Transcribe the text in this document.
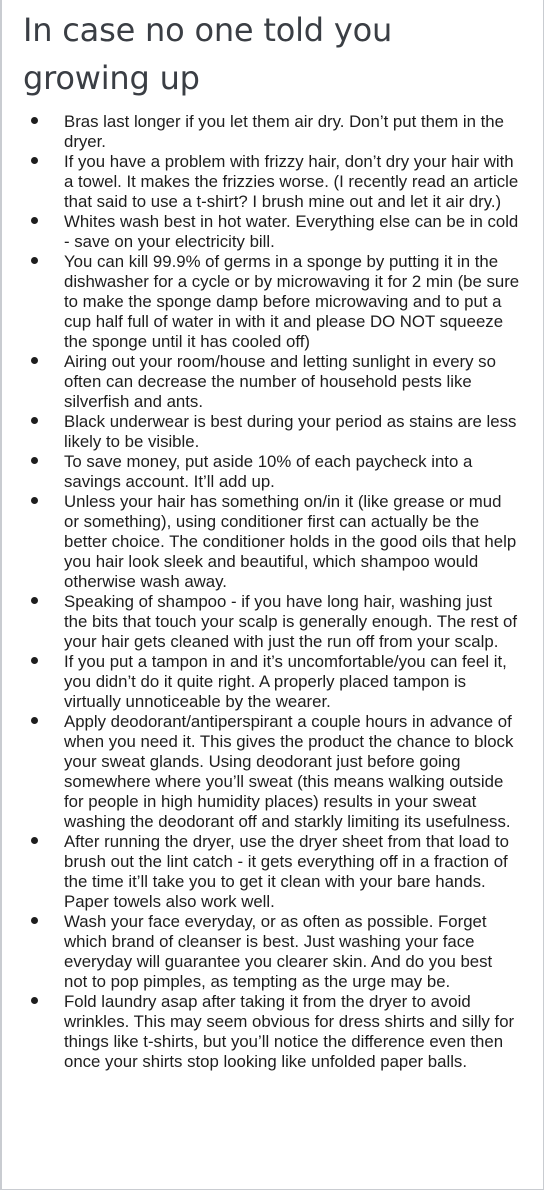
In case no one told you growing up
Bras last longer if you let them air dry. Don’t put them in the dryer.
If you have a problem with frizzy hair, don’t dry your hair with a towel. It makes the frizzies worse. (I recently read an article that said to use a t-shirt? I brush mine out and let it air dry.)
Whites wash best in hot water. Everything else can be in cold - save on your electricity bill.
You can kill 99.9% of germs in a sponge by putting it in the dishwasher for a cycle or by microwaving it for 2 min (be sure to make the sponge damp before microwaving and to put a cup half full of water in with it and please DO NOT squeeze the sponge until it has cooled off)
Airing out your room/house and letting sunlight in every so often can decrease the number of household pests like silverfish and ants.
Black underwear is best during your period as stains are less likely to be visible.
To save money, put aside 10% of each paycheck into a savings account. It’ll add up.
Unless your hair has something on/in it (like grease or mud or something), using conditioner first can actually be the better choice. The conditioner holds in the good oils that help you hair look sleek and beautiful, which shampoo would otherwise wash away.
Speaking of shampoo - if you have long hair, washing just the bits that touch your scalp is generally enough. The rest of your hair gets cleaned with just the run off from your scalp.
If you put a tampon in and it’s uncomfortable/you can feel it, you didn’t do it quite right. A properly placed tampon is virtually unnoticeable by the wearer.
Apply deodorant/antiperspirant a couple hours in advance of when you need it. This gives the product the chance to block your sweat glands. Using deodorant just before going somewhere where you’ll sweat (this means walking outside for people in high humidity places) results in your sweat washing the deodorant off and starkly limiting its usefulness.
After running the dryer, use the dryer sheet from that load to brush out the lint catch - it gets everything off in a fraction of the time it’ll take you to get it clean with your bare hands. Paper towels also work well.
Wash your face everyday, or as often as possible. Forget which brand of cleanser is best. Just washing your face everyday will guarantee you clearer skin. And do you best not to pop pimples, as tempting as the urge may be.
Fold laundry asap after taking it from the dryer to avoid wrinkles. This may seem obvious for dress shirts and silly for things like t-shirts, but you’ll notice the difference even then once your shirts stop looking like unfolded paper balls.
